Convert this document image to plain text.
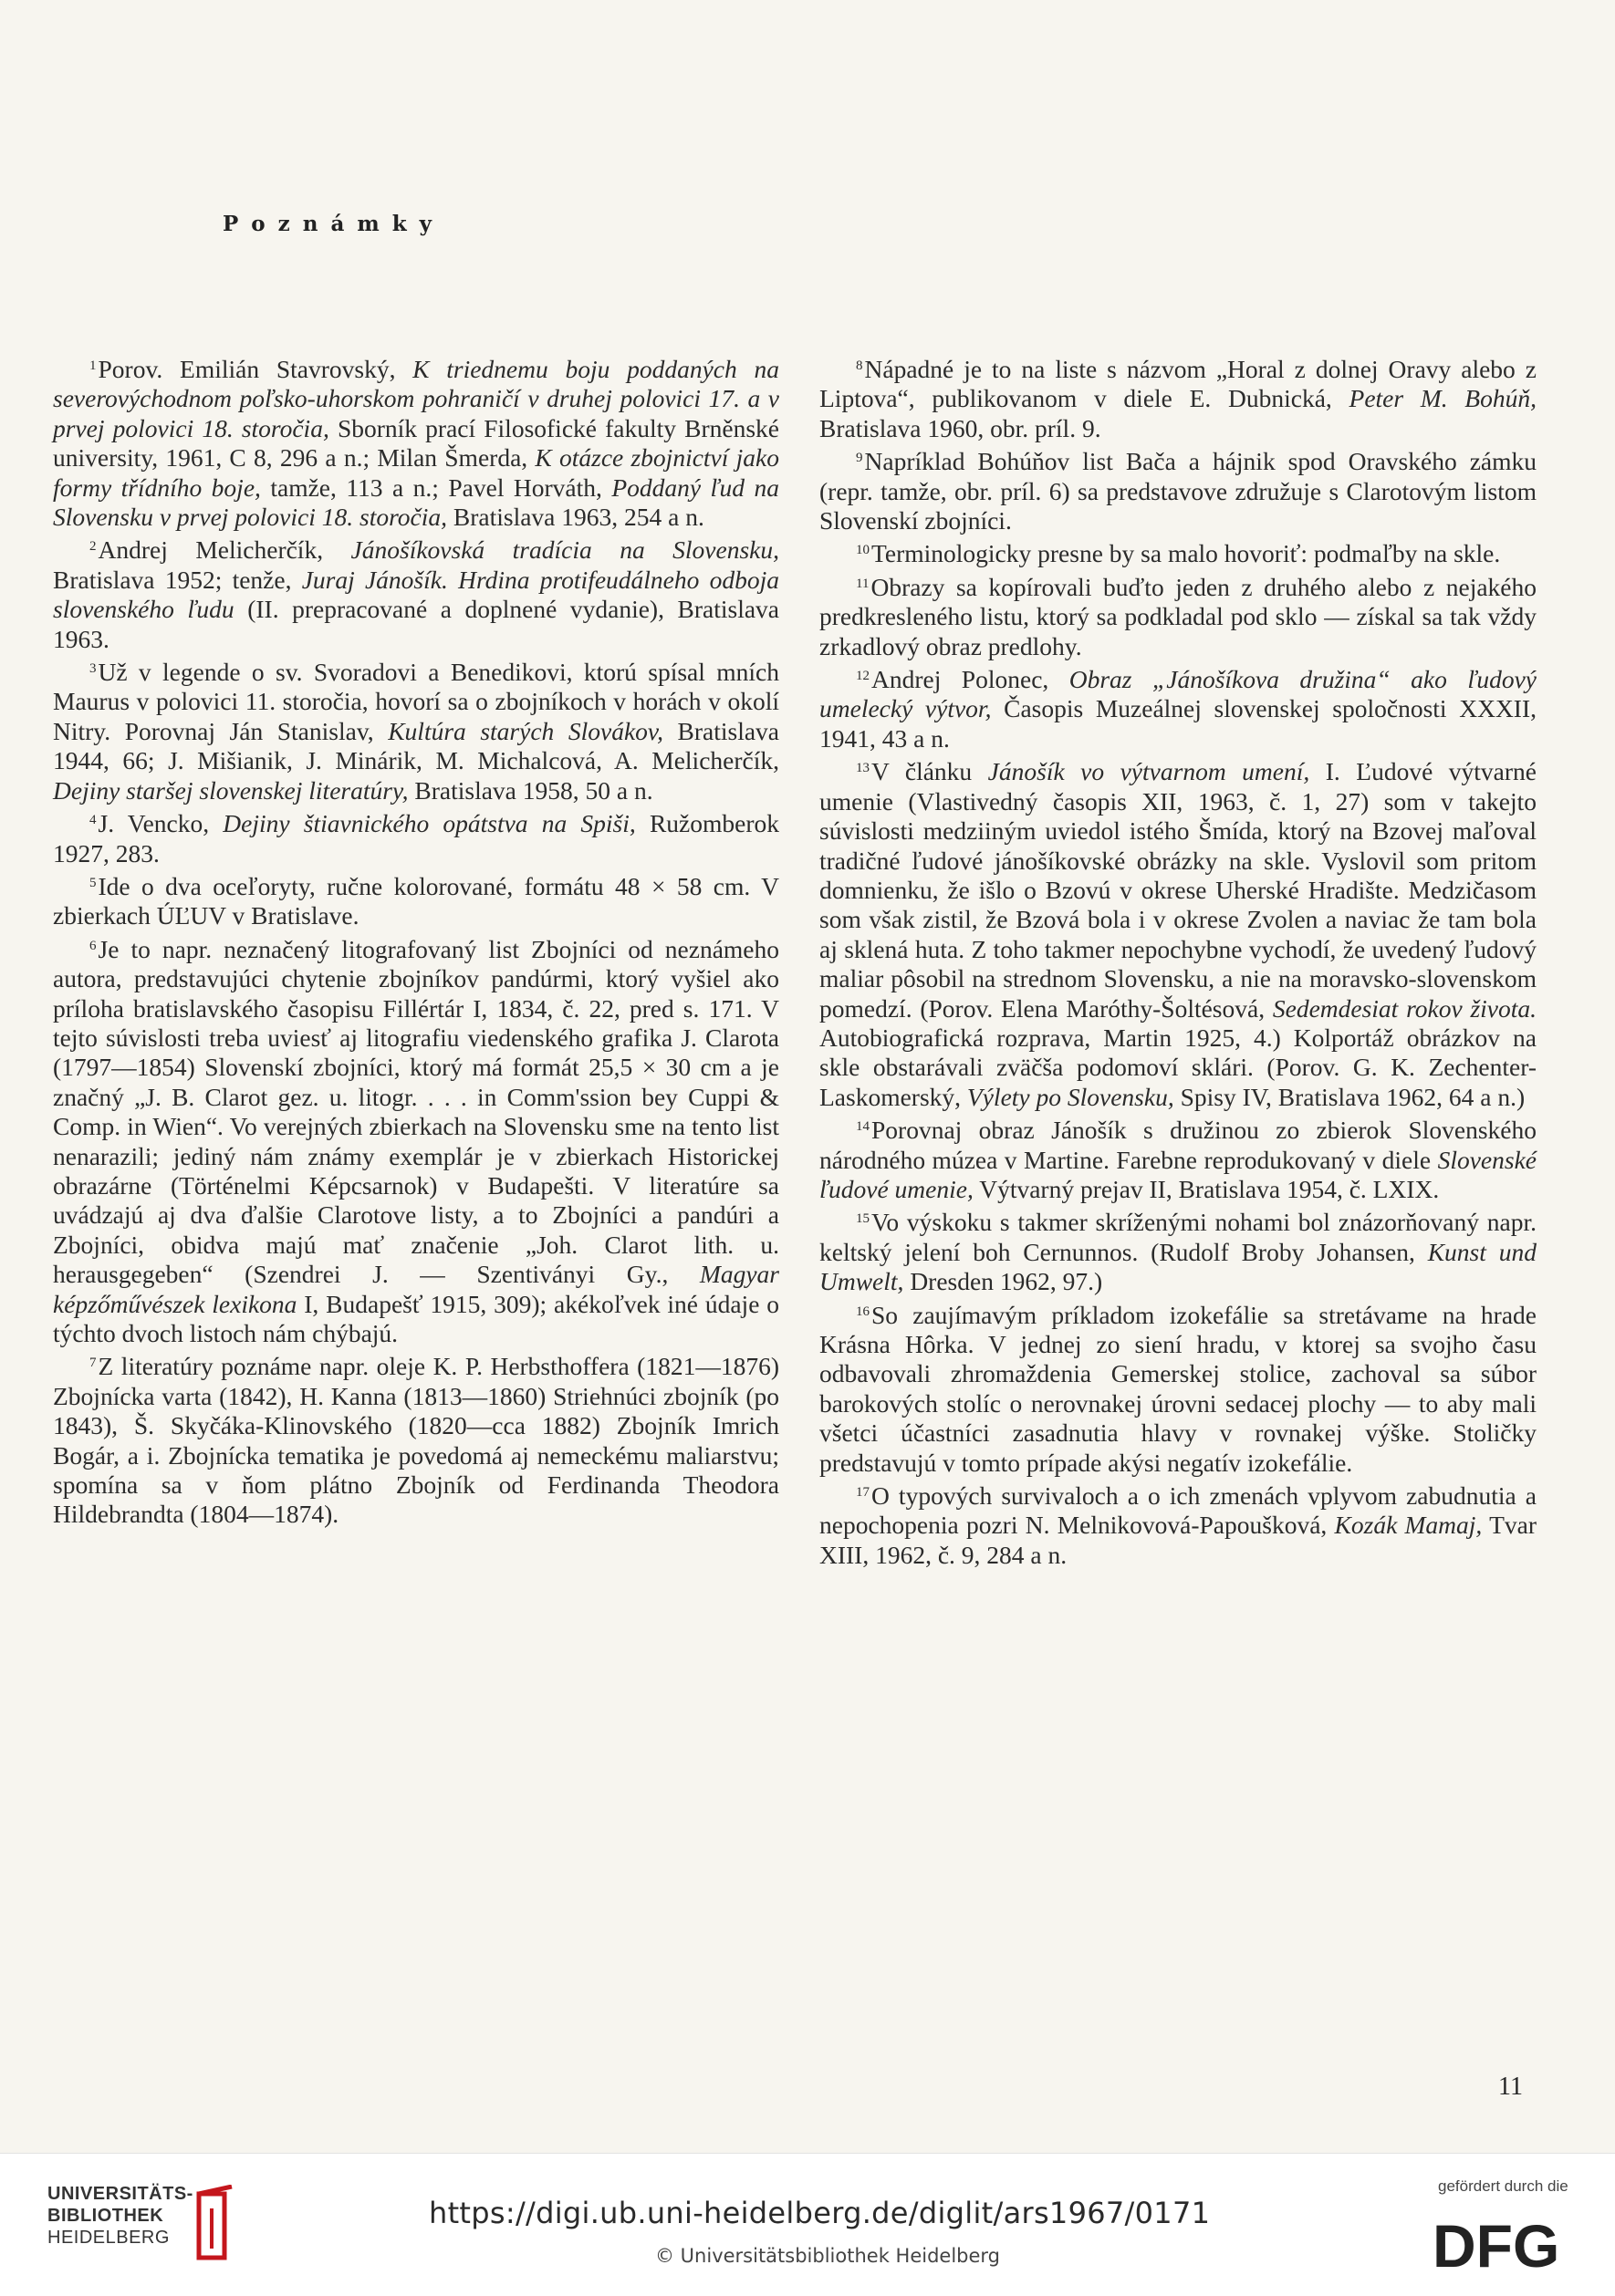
P o z n á m k y

$^1$Porov. Emilián Stavrovský, K triednemu boju poddaných na severovýchodnom poľsko-uhorskom pohraničí v druhej polovici 17. a v prvej polovici 18. storočia, Sborník prací Filosofické fakulty Brněnské university, 1961, C 8, 296 a n.; Milan Šmerda, K otázce zbojnictví jako formy třídního boje, tamže, 113 a n.; Pavel Horváth, Poddaný ľud na Slovensku v prvej polovici 18. storočia, Bratislava 1963, 254 a n.

$^2$Andrej Melicherčík, Jánošíkovská tradícia na Slovensku, Bratislava 1952; tenže, Juraj Jánošík. Hrdina protifeudálneho odboja slovenského ľudu (II. prepracované a doplnené vydanie), Bratislava 1963.

$^3$Už v legende o sv. Svoradovi a Benedikovi, ktorú spísal mních Maurus v polovici 11. storočia, hovorí sa o zbojníkoch v horách v okolí Nitry. Porovnaj Ján Stanislav, Kultúra starých Slovákov, Bratislava 1944, 66; J. Mišianik, J. Minárik, M. Michalcová, A. Melicherčík, Dejiny staršej slovenskej literatúry, Bratislava 1958, 50 a n.

$^4$J. Vencko, Dejiny štiavnického opátstva na Spiši, Ružomberok 1927, 283.

$^5$Ide o dva oceľoryty, ručne kolorované, formátu 48 × 58 cm. V zbierkach ÚĽUV v Bratislave.

$^6$Je to napr. neznačený litografovaný list Zbojníci od neznámeho autora, predstavujúci chytenie zbojníkov pandúrmi, ktorý vyšiel ako príloha bratislavského časopisu Fillértár I, 1834, č. 22, pred s. 171. V tejto súvislosti treba uviesť aj litografiu viedenského grafika J. Clarota (1797—1854) Slovenskí zbojníci, ktorý má formát 25,5 × 30 cm a je značný „J. B. Clarot gez. u. litogr. . . . in Comm'ssion bey Cuppi & Comp. in Wien“. Vo verejných zbierkach na Slovensku sme na tento list nenarazili; jediný nám známy exemplár je v zbierkach Historickej obrazárne (Történelmi Képcsarnok) v Budapešti. V literatúre sa uvádzajú aj dva ďalšie Clarotove listy, a to Zbojníci a pandúri a Zbojníci, obidva majú mať značenie „Joh. Clarot lith. u. herausgegeben“ (Szendrei J. — Szentiványi Gy., Magyar képzőművészek lexikona I, Budapešť 1915, 309); akékoľvek iné údaje o týchto dvoch listoch nám chýbajú.

$^7$Z literatúry poznáme napr. oleje K. P. Herbsthoffera (1821—1876) Zbojnícka varta (1842), H. Kanna (1813—1860) Striehnúci zbojník (po 1843), Š. Skyčáka-Klinovského (1820—cca 1882) Zbojník Imrich Bogár, a i. Zbojnícka tematika je povedomá aj nemeckému maliarstvu; spomína sa v ňom plátno Zbojník od Ferdinanda Theodora Hildebrandta (1804—1874).

$^8$Nápadné je to na liste s názvom „Horal z dolnej Oravy alebo z Liptova“, publikovanom v diele E. Dubnická, Peter M. Bohúň, Bratislava 1960, obr. príl. 9.

$^9$Napríklad Bohúňov list Bača a hájnik spod Oravského zámku (repr. tamže, obr. príl. 6) sa predstavove združuje s Clarotovým listom Slovenskí zbojníci.

$^{10}$Terminologicky presne by sa malo hovoriť: podmaľby na skle.

$^{11}$Obrazy sa kopírovali buďto jeden z druhého alebo z nejakého predkresleného listu, ktorý sa podkladal pod sklo — získal sa tak vždy zrkadlový obraz predlohy.

$^{12}$Andrej Polonec, Obraz „Jánošíkova družina“ ako ľudový umelecký výtvor, Časopis Muzeálnej slovenskej spoločnosti XXXII, 1941, 43 a n.

$^{13}$V článku Jánošík vo výtvarnom umení, I. Ľudové výtvarné umenie (Vlastivedný časopis XII, 1963, č. 1, 27) som v takejto súvislosti medziiným uviedol istého Šmída, ktorý na Bzovej maľoval tradičné ľudové jánošíkovské obrázky na skle. Vyslovil som pritom domnienku, že išlo o Bzovú v okrese Uherské Hradište. Medzičasom som však zistil, že Bzová bola i v okrese Zvolen a naviac že tam bola aj sklená huta. Z toho takmer nepochybne vychodí, že uvedený ľudový maliar pôsobil na strednom Slovensku, a nie na moravsko-slovenskom pomedzí. (Porov. Elena Maróthy-Šoltésová, Sedemdesiat rokov života. Autobiografická rozprava, Martin 1925, 4.) Kolportáž obrázkov na skle obstarávali zväčša podomoví sklári. (Porov. G. K. Zechenter-Laskomerský, Výlety po Slovensku, Spisy IV, Bratislava 1962, 64 a n.)

$^{14}$Porovnaj obraz Jánošík s družinou zo zbierok Slovenského národného múzea v Martine. Farebne reprodukovaný v diele Slovenské ľudové umenie, Výtvarný prejav II, Bratislava 1954, č. LXIX.

$^{15}$Vo výskoku s takmer skríženými nohami bol znázorňovaný napr. keltský jelení boh Cernunnos. (Rudolf Broby Johansen, Kunst und Umwelt, Dresden 1962, 97.)

$^{16}$So zaujímavým príkladom izokefálie sa stretávame na hrade Krásna Hôrka. V jednej zo siení hradu, v ktorej sa svojho času odbavovali zhromaždenia Gemerskej stolice, zachoval sa súbor barokových stolíc o nerovnakej úrovni sedacej plochy — to aby mali všetci účastníci zasadnutia hlavy v rovnakej výške. Stoličky predstavujú v tomto prípade akýsi negatív izokefálie.

$^{17}$O typových survivaloch a o ich zmenách vplyvom zabudnutia a nepochopenia pozri N. Melnikovová-Papoušková, Kozák Mamaj, Tvar XIII, 1962, č. 9, 284 a n.

11
UNIVERSITÄTS-
BIBLIOTHEK
HEIDELBERG
https://digi.ub.uni-heidelberg.de/diglit/ars1967/0171
© Universitätsbibliothek Heidelberg
gefördert durch die
DFG
